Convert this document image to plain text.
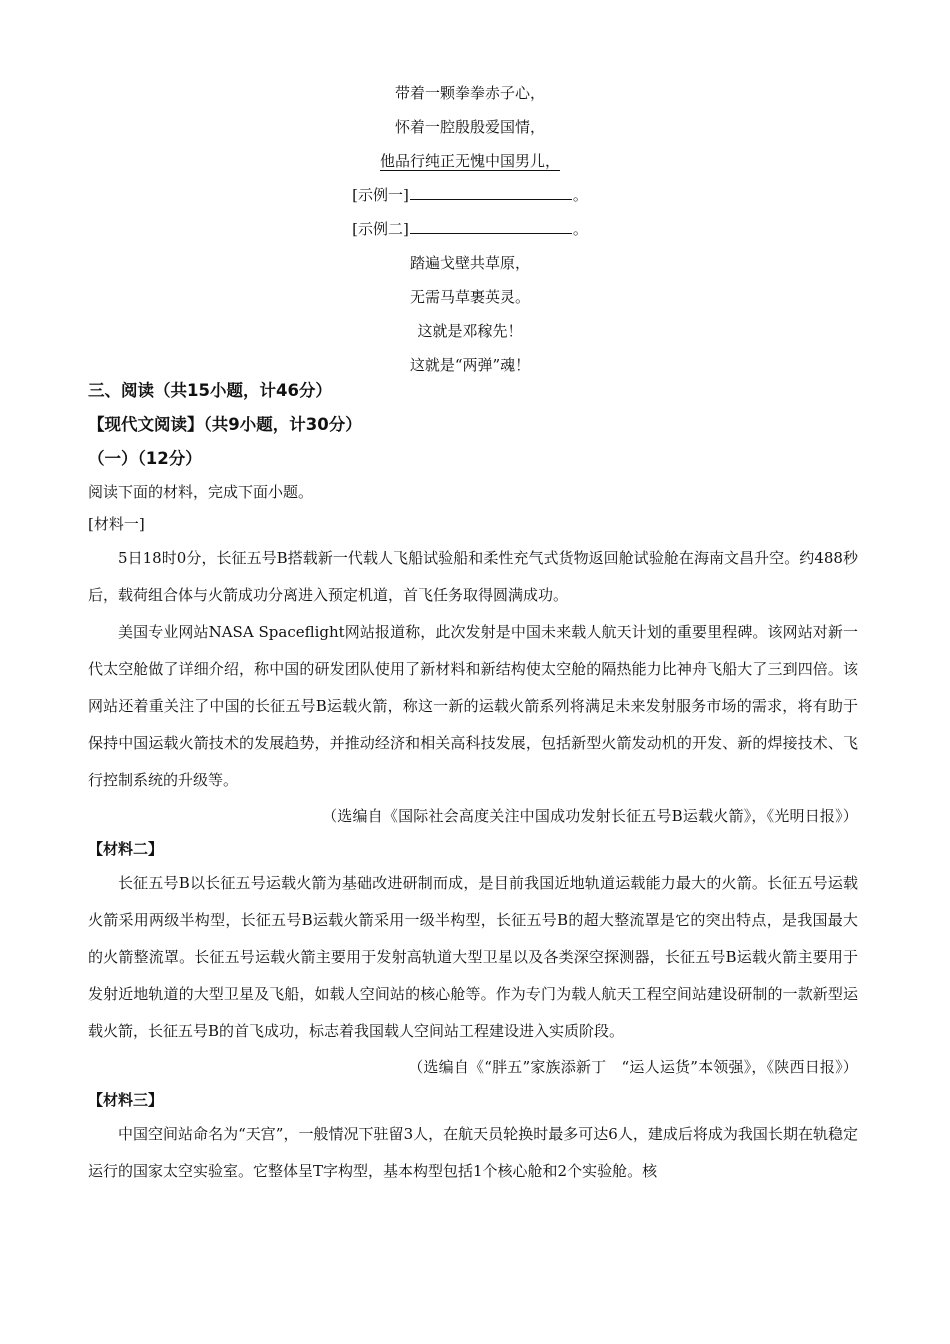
带着一颗拳拳赤子心，
怀着一腔殷殷爱国情，
他品行纯正无愧中国男儿，
[示例一]	。
[示例二]	。
踏遍戈壁共草原，
无需马草裹英灵。
这就是邓稼先！
这就是“两弹”魂！
三、阅读（共15小题，计46分）
【现代文阅读】（共9小题，计30分）
（一）（12分）
阅读下面的材料，完成下面小题。
[材料一]

5日18时0分，长征五号B搭载新一代载人飞船试验船和柔性充气式货物返回舱试验舱在海南文昌升空。约488秒后，载荷组合体与火箭成功分离进入预定机道，首飞任务取得圆满成功。

美国专业网站NASA Spaceflight网站报道称，此次发射是中国未来载人航天计划的重要里程碑。该网站对新一代太空舱做了详细介绍，称中国的研发团队使用了新材料和新结构使太空舱的隔热能力比神舟飞船大了三到四倍。该网站还着重关注了中国的长征五号B运载火箭，称这一新的运载火箭系列将满足未来发射服务市场的需求，将有助于保持中国运载火箭技术的发展趋势，并推动经济和相关高科技发展，包括新型火箭发动机的开发、新的焊接技术、飞行控制系统的升级等。

（选编自《国际社会高度关注中国成功发射长征五号B运载火箭》，《光明日报》）
【材料二】

长征五号B以长征五号运载火箭为基础改进研制而成，是目前我国近地轨道运载能力最大的火箭。长征五号运载火箭采用两级半构型，长征五号B运载火箭采用一级半构型，长征五号B的超大整流罩是它的突出特点，是我国最大的火箭整流罩。长征五号运载火箭主要用于发射高轨道大型卫星以及各类深空探测器，长征五号B运载火箭主要用于发射近地轨道的大型卫星及飞船，如载人空间站的核心舱等。作为专门为载人航天工程空间站建设研制的一款新型运载火箭，长征五号B的首飞成功，标志着我国载人空间站工程建设进入实质阶段。

（选编自《“胖五”家族添新丁　“运人运货”本领强》，《陕西日报》）
【材料三】

中国空间站命名为“天宫”，一般情况下驻留3人，在航天员轮换时最多可达6人，建成后将成为我国长期在轨稳定运行的国家太空实验室。它整体呈T字构型，基本构型包括1个核心舱和2个实验舱。核
